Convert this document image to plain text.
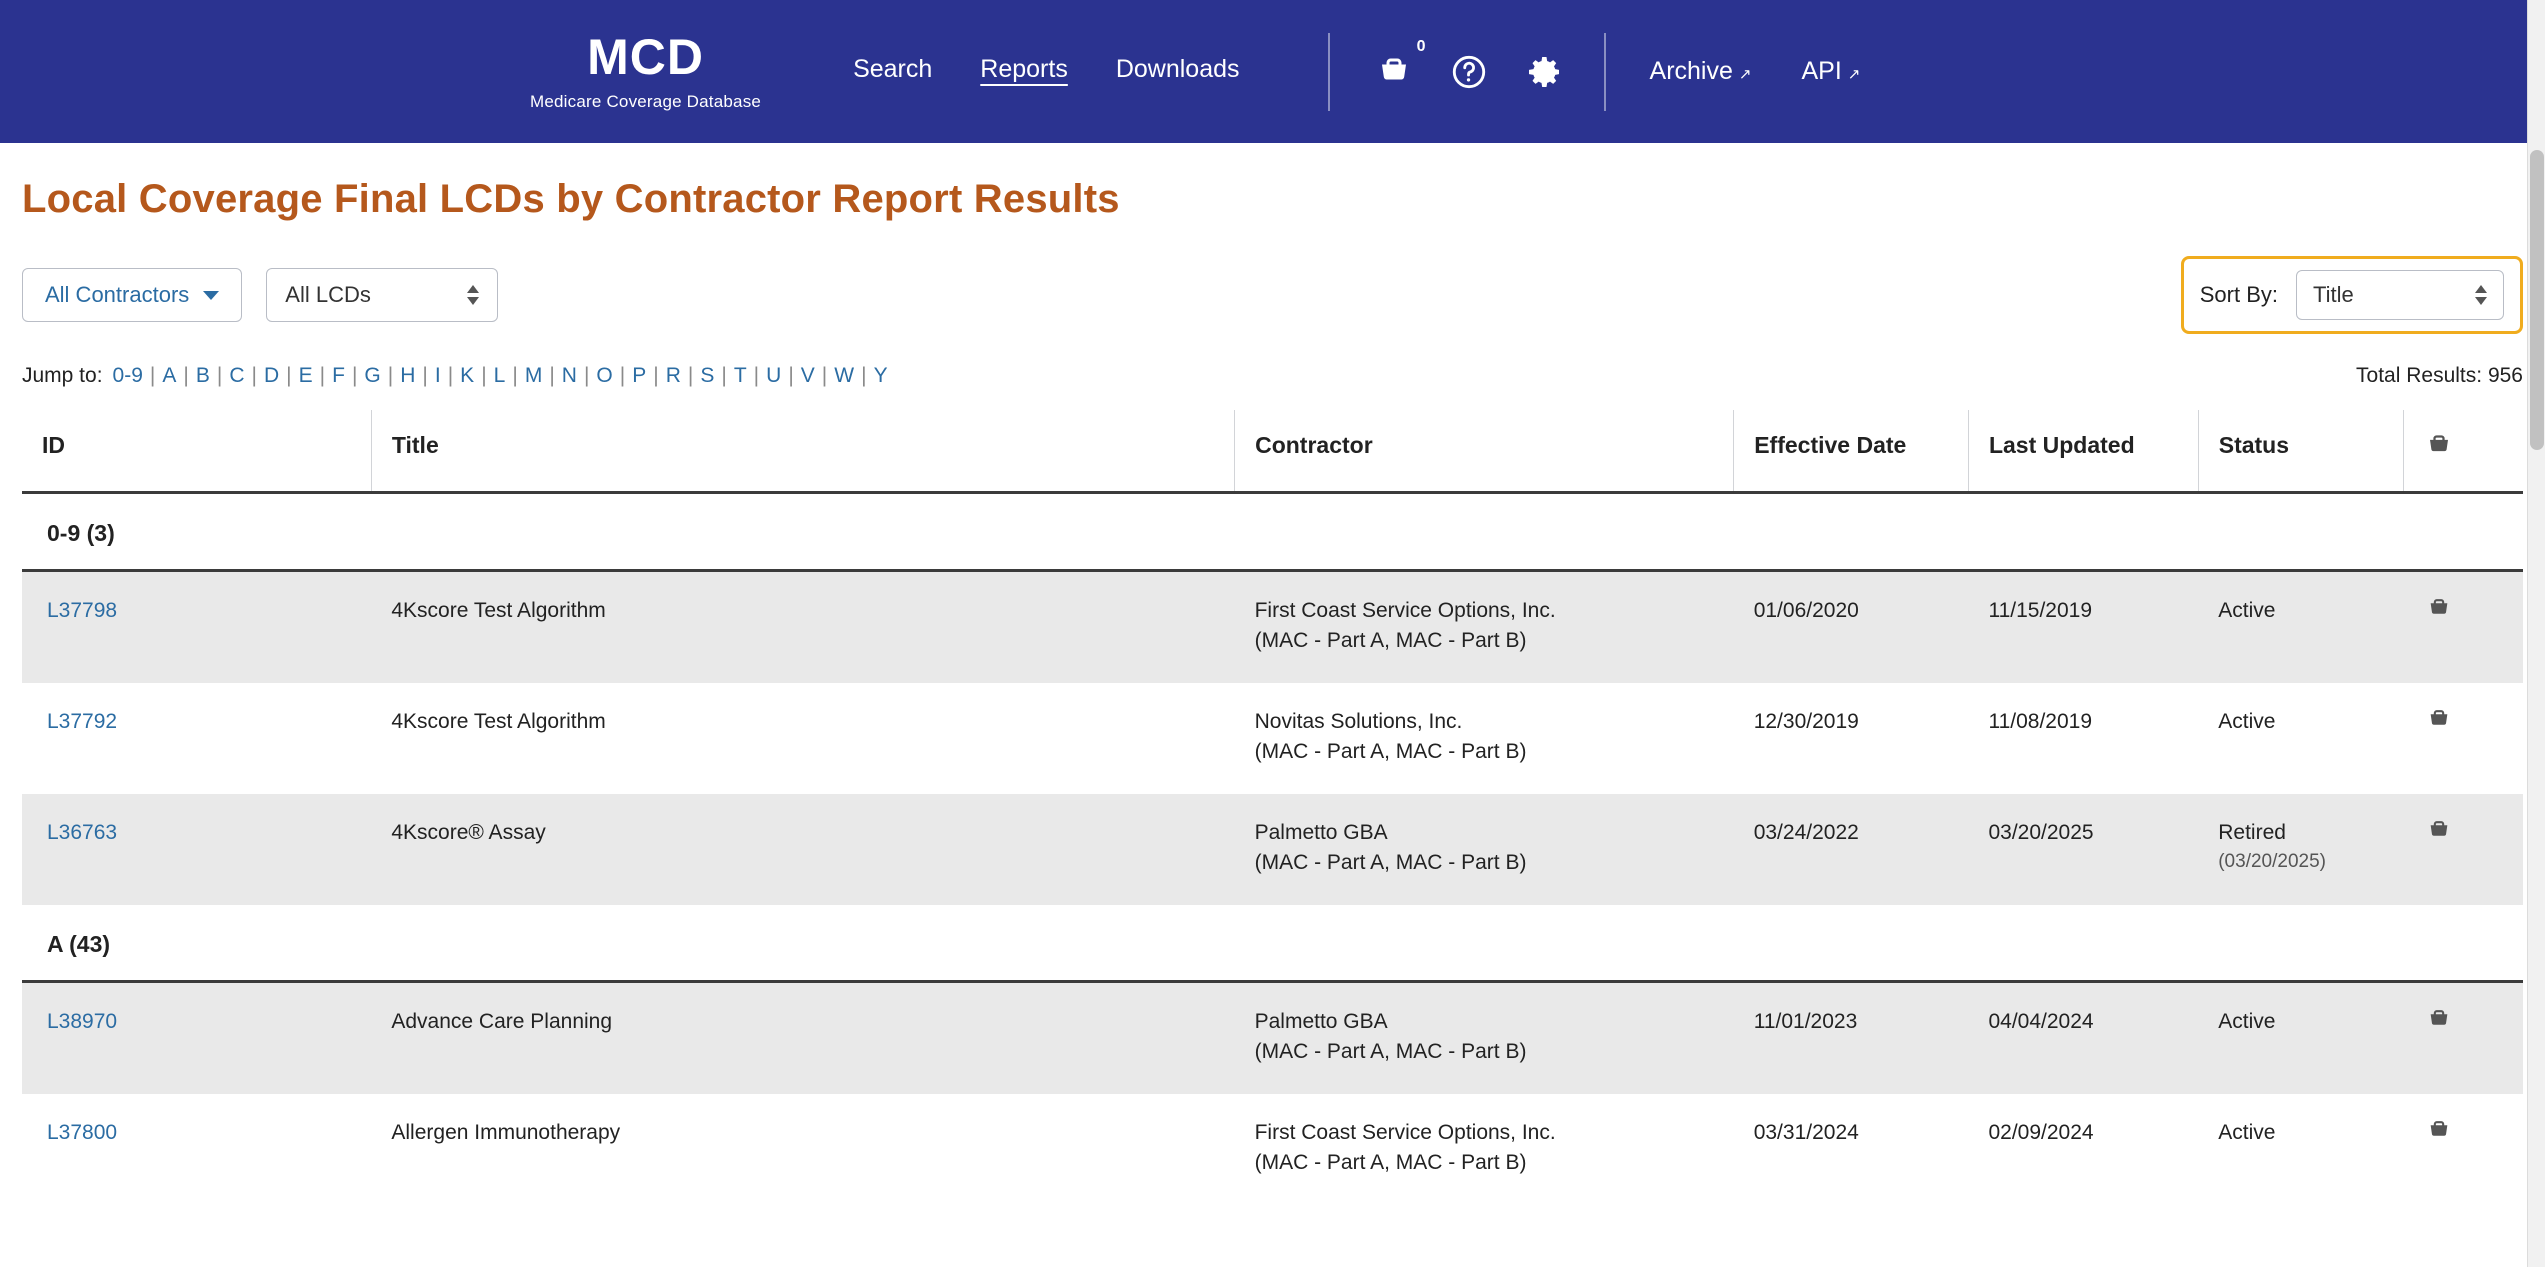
MCD
Medicare Coverage Database
Search Reports Downloads
0
Archive ↗︎ API ↗︎
Local Coverage Final LCDs by Contractor Report Results
All Contractors	All LCDs	Sort By: Title
Jump to: 0-9 | A | B | C | D | E | F | G | H | I | K | L | M | N | O | P | R | S | T | U | V | W | Y	Total Results: 956
ID	Title	Contractor	Effective Date	Last Updated	Status	
0-9 (3)						
L37798	4Kscore Test Algorithm	First Coast Service Options, Inc.
(MAC - Part A, MAC - Part B)	01/06/2020	11/15/2019	Active

L37792	4Kscore Test Algorithm	Novitas Solutions, Inc.
(MAC - Part A, MAC - Part B)	12/30/2019	11/08/2019	Active

L36763	4Kscore® Assay	Palmetto GBA
(MAC - Part A, MAC - Part B)
	03/24/2022	03/20/2025	Retired
(03/20/2025)

A (43)						
L38970	Advance Care Planning	Palmetto GBA
(MAC - Part A, MAC - Part B)	11/01/2023	04/04/2024	Active

L37800	Allergen Immunotherapy	First Coast Service Options, Inc.
(MAC - Part A, MAC - Part B)	03/31/2024	02/09/2024	Active
